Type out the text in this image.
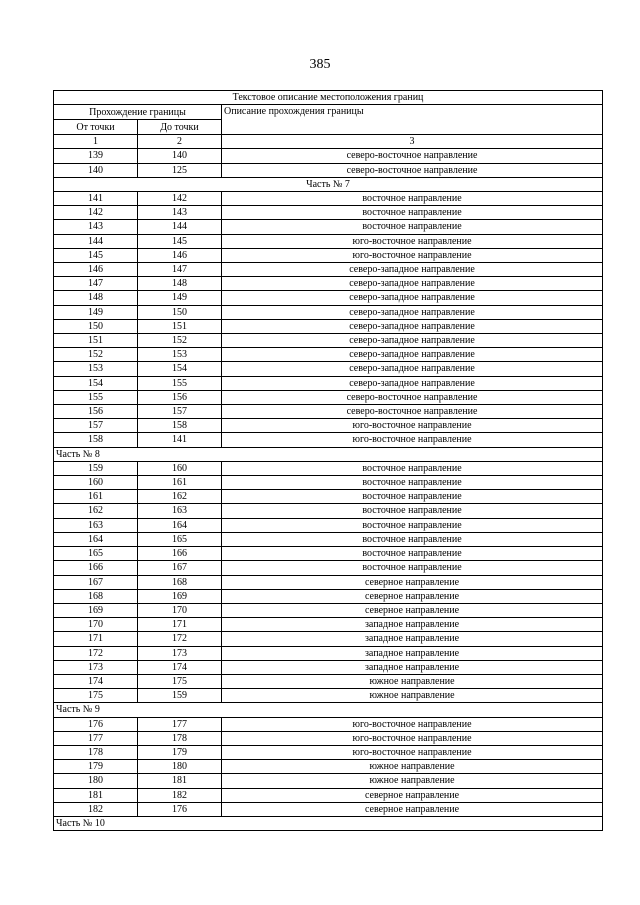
385
Текстовое описание местоположения границ		
Прохождение границы		Описание прохождения границы
От точки	До точки	
1	2	3
139	140	северо-восточное направление
140	125	северо-восточное направление
Часть № 7		
141	142	восточное направление
142	143	восточное направление
143	144	восточное направление
144	145	юго-восточное направление
145	146	юго-восточное направление
146	147	северо-западное направление
147	148	северо-западное направление
148	149	северо-западное направление
149	150	северо-западное направление
150	151	северо-западное направление
151	152	северо-западное направление
152	153	северо-западное направление
153	154	северо-западное направление
154	155	северо-западное направление
155	156	северо-восточное направление
156	157	северо-восточное направление
157	158	юго-восточное направление
158	141	юго-восточное направление
Часть № 8		
159	160	восточное направление
160	161	восточное направление
161	162	восточное направление
162	163	восточное направление
163	164	восточное направление
164	165	восточное направление
165	166	восточное направление
166	167	восточное направление
167	168	северное направление
168	169	северное направление
169	170	северное направление
170	171	западное направление
171	172	западное направление
172	173	западное направление
173	174	западное направление
174	175	южное направление
175	159	южное направление
Часть № 9		
176	177	юго-восточное направление
177	178	юго-восточное направление
178	179	юго-восточное направление
179	180	южное направление
180	181	южное направление
181	182	северное направление
182	176	северное направление
Часть № 10		
